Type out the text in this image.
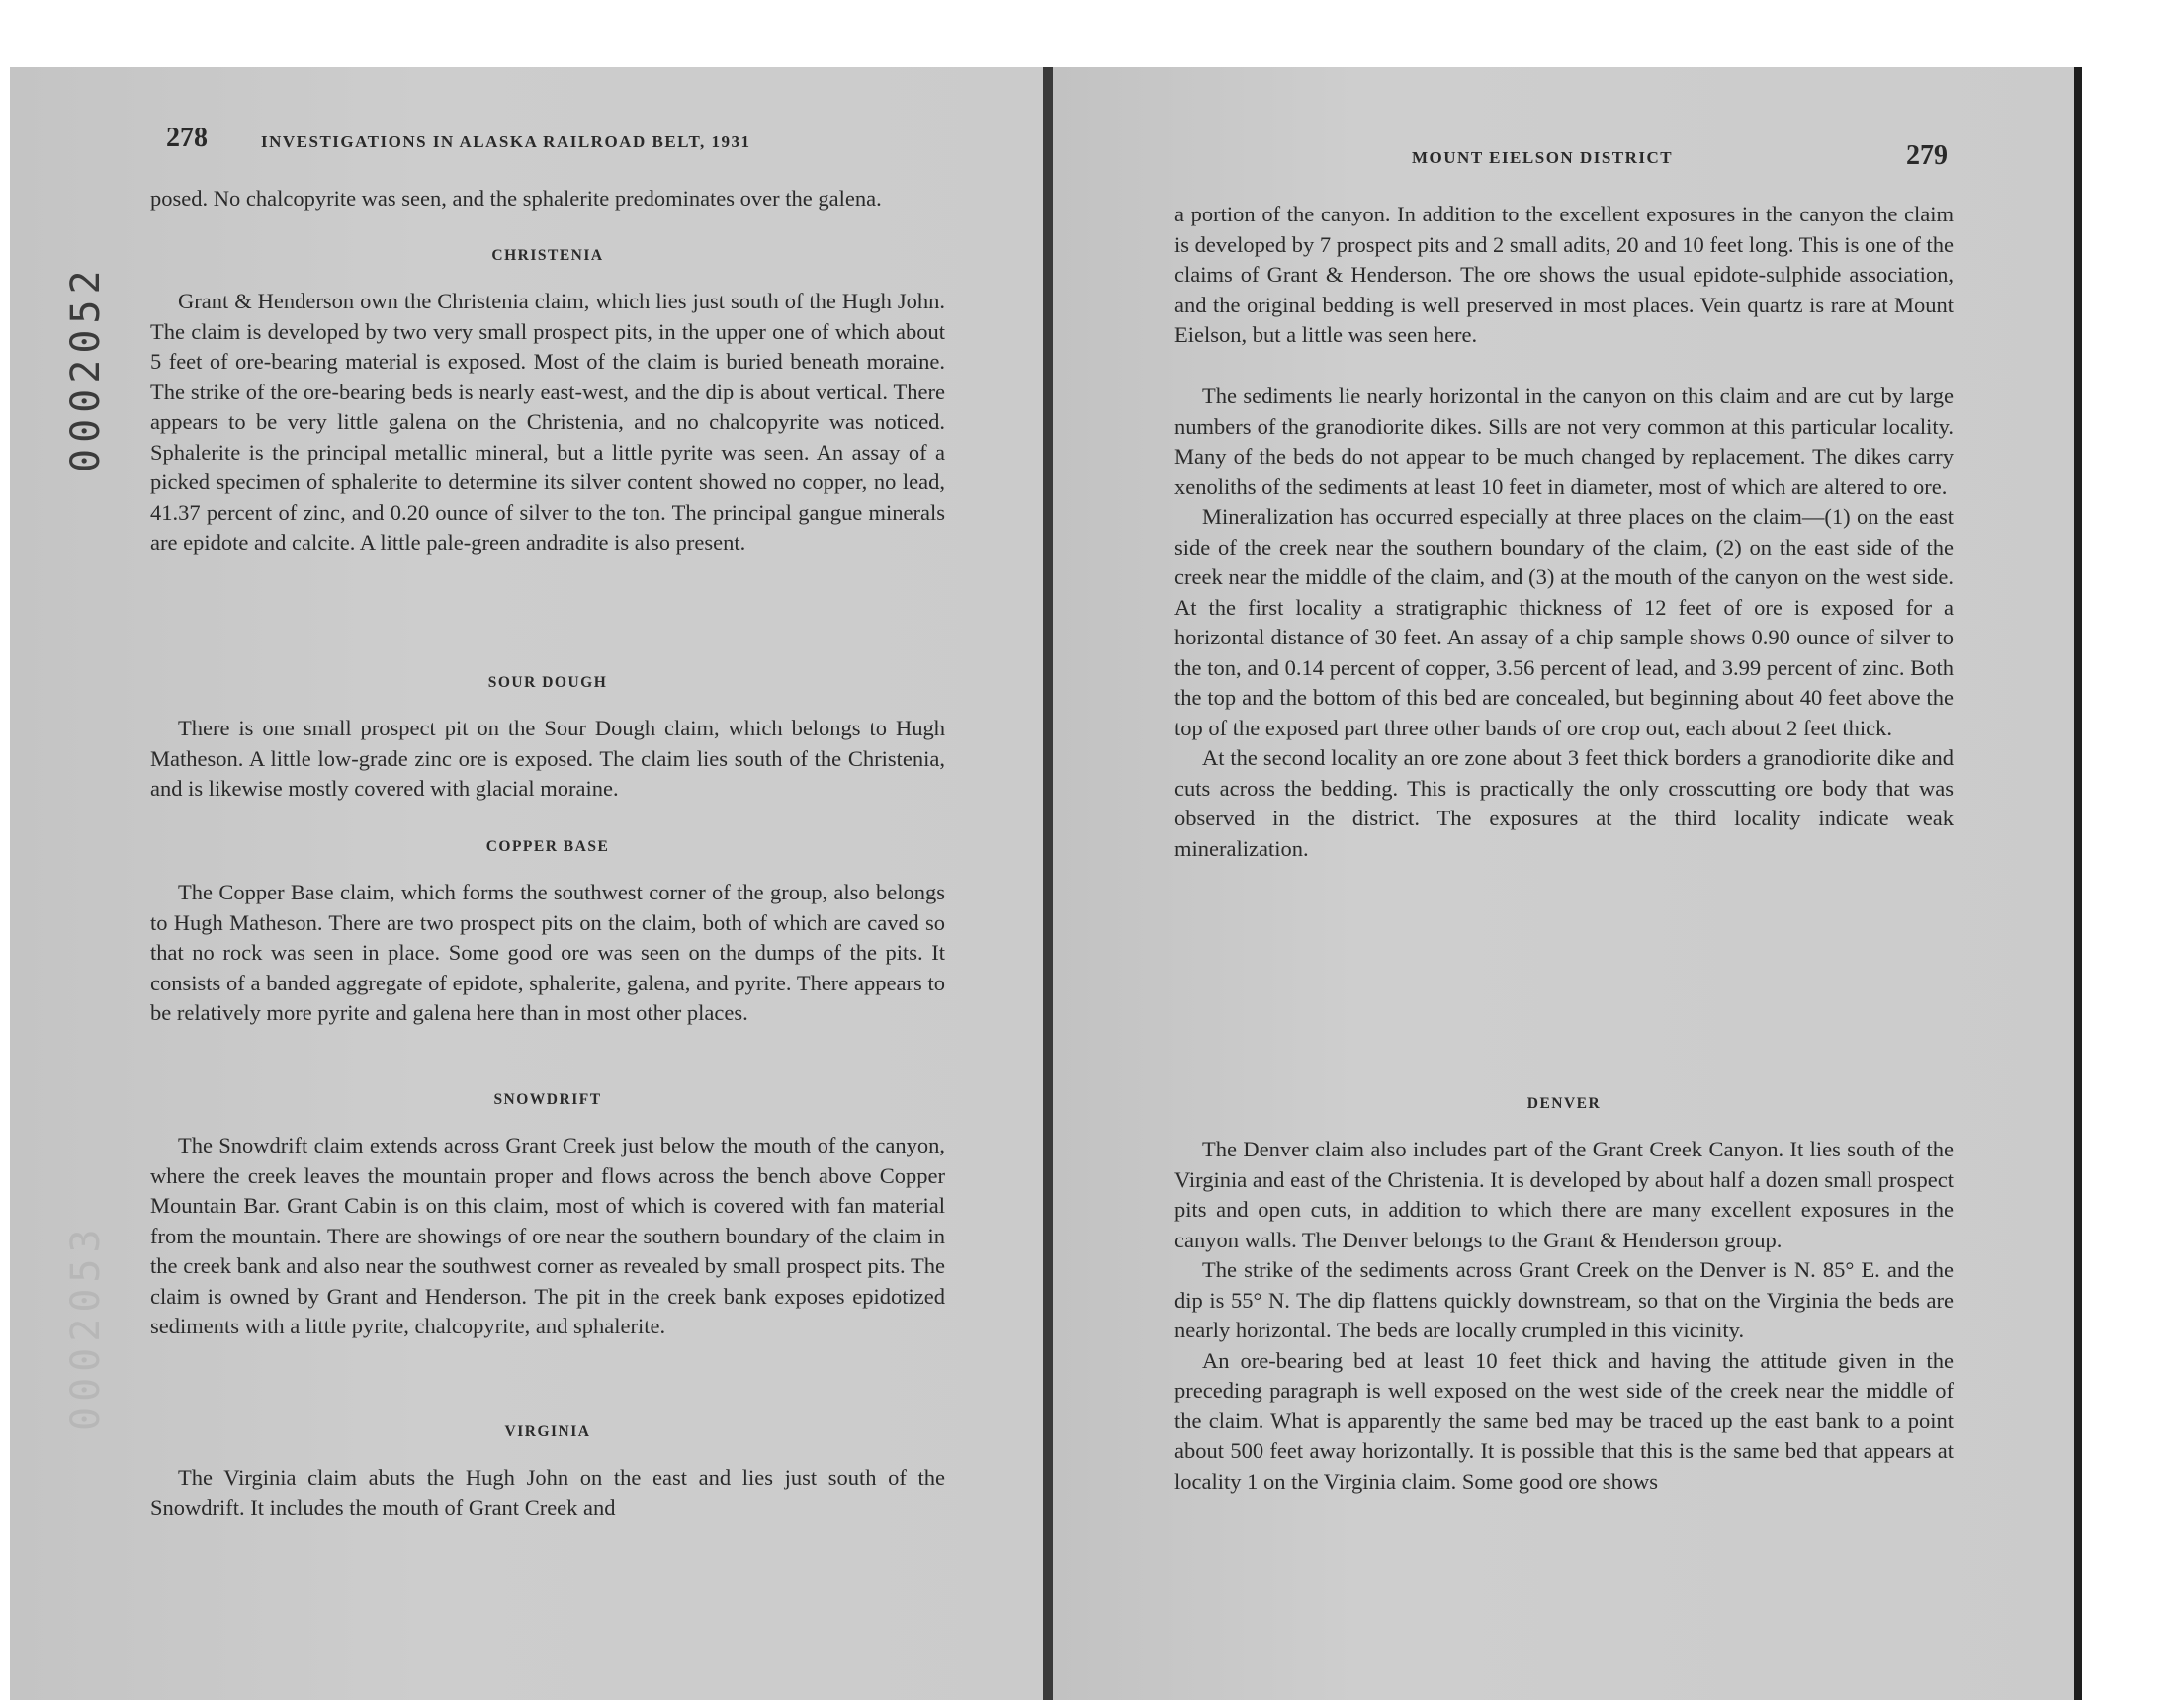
0002052
0002053
278	INVESTIGATIONS IN ALASKA RAILROAD BELT, 1931

posed. No chalcopyrite was seen, and the sphalerite predominates over the galena.

CHRISTENIA

Grant & Henderson own the Christenia claim, which lies just south of the Hugh John. The claim is developed by two very small prospect pits, in the upper one of which about 5 feet of ore-bearing material is exposed. Most of the claim is buried beneath moraine. The strike of the ore-bearing beds is nearly east-west, and the dip is about vertical. There appears to be very little galena on the Christenia, and no chalcopyrite was noticed. Sphalerite is the principal metallic mineral, but a little pyrite was seen. An assay of a picked specimen of sphalerite to determine its silver content showed no copper, no lead, 41.37 percent of zinc, and 0.20 ounce of silver to the ton. The principal gangue minerals are epidote and calcite. A little pale-green andradite is also present.

SOUR DOUGH

There is one small prospect pit on the Sour Dough claim, which belongs to Hugh Matheson. A little low-grade zinc ore is exposed. The claim lies south of the Christenia, and is likewise mostly covered with glacial moraine.

COPPER BASE

The Copper Base claim, which forms the southwest corner of the group, also belongs to Hugh Matheson. There are two prospect pits on the claim, both of which are caved so that no rock was seen in place. Some good ore was seen on the dumps of the pits. It consists of a banded aggregate of epidote, sphalerite, galena, and pyrite. There appears to be relatively more pyrite and galena here than in most other places.

SNOWDRIFT

The Snowdrift claim extends across Grant Creek just below the mouth of the canyon, where the creek leaves the mountain proper and flows across the bench above Copper Mountain Bar. Grant Cabin is on this claim, most of which is covered with fan material from the mountain. There are showings of ore near the southern boundary of the claim in the creek bank and also near the southwest corner as revealed by small prospect pits. The claim is owned by Grant and Henderson. The pit in the creek bank exposes epidotized sediments with a little pyrite, chalcopyrite, and sphalerite.

VIRGINIA

The Virginia claim abuts the Hugh John on the east and lies just south of the Snowdrift. It includes the mouth of Grant Creek and

MOUNT EIELSON DISTRICT	279

a portion of the canyon. In addition to the excellent exposures in the canyon the claim is developed by 7 prospect pits and 2 small adits, 20 and 10 feet long. This is one of the claims of Grant & Henderson. The ore shows the usual epidote-sulphide association, and the original bedding is well preserved in most places. Vein quartz is rare at Mount Eielson, but a little was seen here.

The sediments lie nearly horizontal in the canyon on this claim and are cut by large numbers of the granodiorite dikes. Sills are not very common at this particular locality. Many of the beds do not appear to be much changed by replacement. The dikes carry xenoliths of the sediments at least 10 feet in diameter, most of which are altered to ore.

Mineralization has occurred especially at three places on the claim—(1) on the east side of the creek near the southern boundary of the claim, (2) on the east side of the creek near the middle of the claim, and (3) at the mouth of the canyon on the west side. At the first locality a stratigraphic thickness of 12 feet of ore is exposed for a horizontal distance of 30 feet. An assay of a chip sample shows 0.90 ounce of silver to the ton, and 0.14 percent of copper, 3.56 percent of lead, and 3.99 percent of zinc. Both the top and the bottom of this bed are concealed, but beginning about 40 feet above the top of the exposed part three other bands of ore crop out, each about 2 feet thick.

At the second locality an ore zone about 3 feet thick borders a granodiorite dike and cuts across the bedding. This is practically the only crosscutting ore body that was observed in the district. The exposures at the third locality indicate weak mineralization.

DENVER

The Denver claim also includes part of the Grant Creek Canyon. It lies south of the Virginia and east of the Christenia. It is developed by about half a dozen small prospect pits and open cuts, in addition to which there are many excellent exposures in the canyon walls. The Denver belongs to the Grant & Henderson group.

The strike of the sediments across Grant Creek on the Denver is N. 85° E. and the dip is 55° N. The dip flattens quickly downstream, so that on the Virginia the beds are nearly horizontal. The beds are locally crumpled in this vicinity.

An ore-bearing bed at least 10 feet thick and having the attitude given in the preceding paragraph is well exposed on the west side of the creek near the middle of the claim. What is apparently the same bed may be traced up the east bank to a point about 500 feet away horizontally. It is possible that this is the same bed that appears at locality 1 on the Virginia claim. Some good ore shows
